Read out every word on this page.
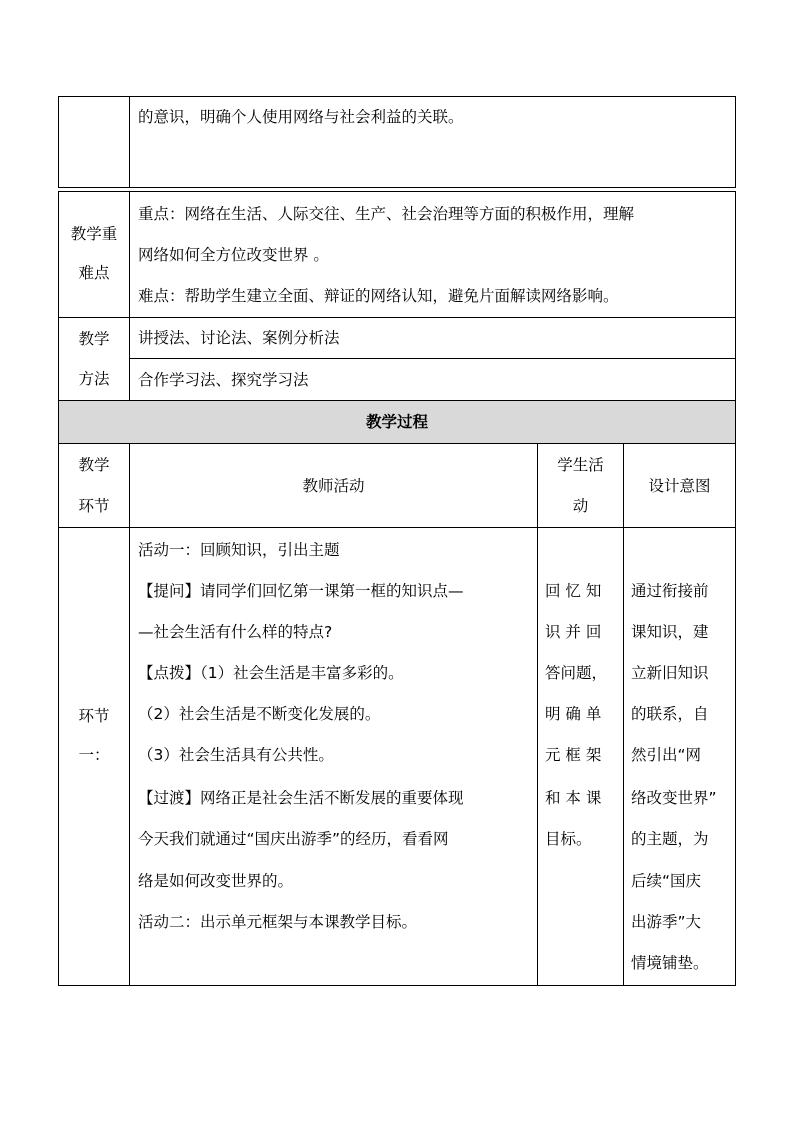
的意识，明确个人使用网络与社会利益的关联。
教学重
难点
重点：网络在生活、人际交往、生产、社会治理等方面的积极作用，理解
网络如何全方位改变世界 。
难点：帮助学生建立全面、辩证的网络认知，避免片面解读网络影响。
教学
方法
讲授法、讨论法、案例分析法
合作学习法、探究学习法
教学过程
教学
环节
教师活动
学生活
动
设计意图
环节
一：
活动一：回顾知识，引出主题
【提问】请同学们回忆第一课第一框的知识点—
—社会生活有什么样的特点?
【点拨】（1）社会生活是丰富多彩的。
（2）社会生活是不断变化发展的。
（3）社会生活具有公共性。
【过渡】网络正是社会生活不断发展的重要体现
今天我们就通过“国庆出游季”的经历，看看网
络是如何改变世界的。
活动二：出示单元框架与本课教学目标。
回 忆 知
识 并 回
答问题，
明 确 单
元 框 架
和 本 课
目标。
通过衔接前
课知识，建
立新旧知识
的联系，自
然引出“网
络改变世界”
的主题，为
后续“国庆
出游季”大
情境铺垫。
